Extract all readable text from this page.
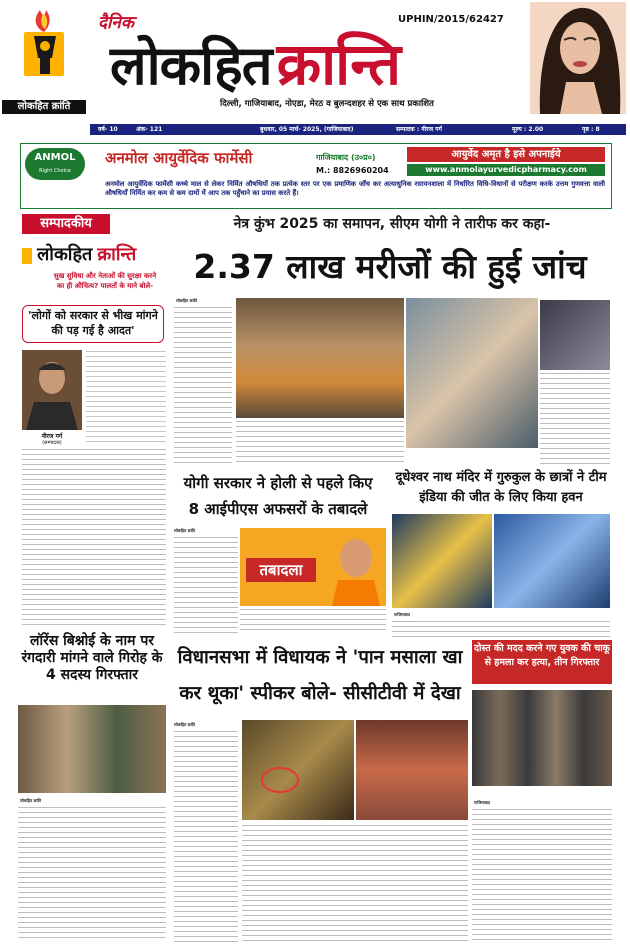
लोकहित क्रांति
दैनिक	UPHIN/2015/62427
लोकहित क्रान्ति
दिल्ली, गाजियाबाद, नोएडा, मेरठ व बुलन्दशहर से एक साथ प्रकाशित
वर्ष- 10	अंक- 121	बुधवार, 05 मार्च- 2025, (गाजियाबाद)	सम्पादक : नीरज गर्ग	मूल्य : 2.00	पृष्ठ : 8
ANMOL
Right Choice
अनमोल आयुर्वेदिक फार्मेसी	गाजियाबाद (उ०प्र०)
M.: 8826960204
आयुर्वेद अमृत है इसे अपनाईये
www.anmolayurvedicpharmacy.com
अनमोल आयुर्वेदिक फार्मेसी कच्चे माल से लेकर निर्मित औषधियों तक प्रत्येक स्तर पर एक प्रमाणिक जाँच कर अत्याधुनिक रसायनशाला में निर्धारित विधि-विधानों से परीक्षण करके उत्तम गुणवत्ता वाली औषधियाँ निर्मित कर कम से कम दामों में आप तक पहुँचाने का प्रयास करते हैं।
सम्पादकीय
लोकहित क्रान्ति
सुख सुविधा और नेताओं की सुरक्षा करने का ही औचित्य? पालतों के माने बोले-
'लोगों को सरकार से भीख मांगने की पड़ गई है आदत'
नीरज गर्ग
(सम्पादक)
लॉरेंस बिश्नोई के नाम पर रंगदारी मांगने वाले गिरोह के 4 सदस्य गिरफ्तार
लोकहित क्रांति
नेत्र कुंभ 2025 का समापन, सीएम योगी ने तारीफ कर कहा-
2.37 लाख मरीजों की हुई जांच
लोकहित क्रांति
योगी सरकार ने होली से पहले किए
8 आईपीएस अफसरों के तबादले
लोकहित क्रांति
तबादला
दूधेश्वर नाथ मंदिर में गुरुकुल के छात्रों ने टीम इंडिया की जीत के लिए किया हवन
गाजियाबाद
विधानसभा में विधायक ने 'पान मसाला खा कर थूका' स्पीकर बोले- सीसीटीवी में देखा
लोकहित क्रांति
दोस्त की मदद करने गए युवक की चाकू से हमला कर हत्या, तीन गिरफ्तार
गाजियाबाद
